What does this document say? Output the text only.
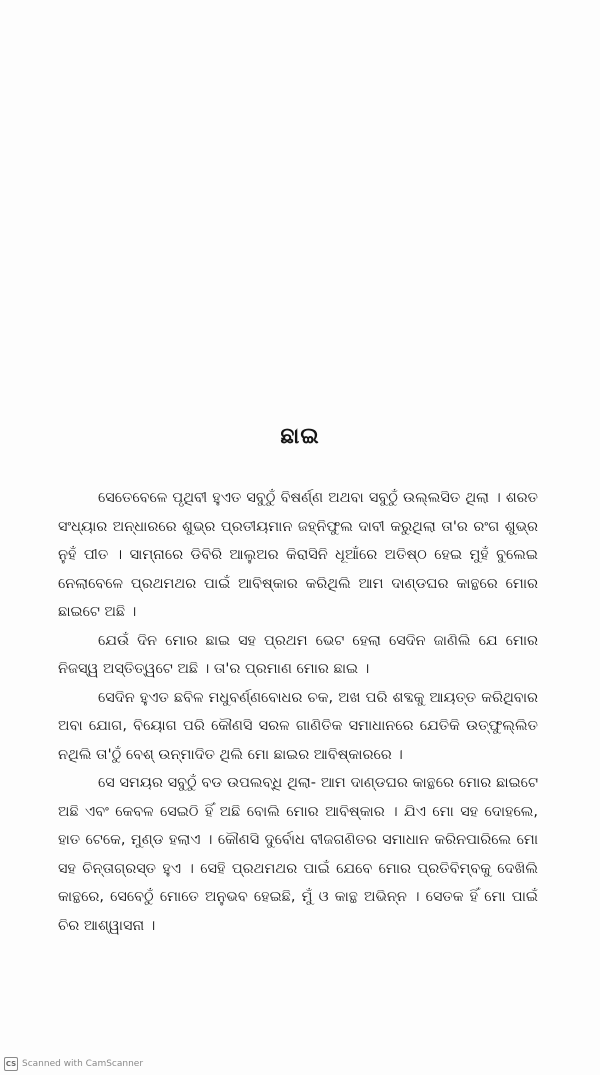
ଛାଇ

ସେତେବେଳେ ପୃଥିବୀ ହୁଏତ ସବୁଠୁଁ ବିଷର୍ଣ୍ଣ ଅଥବା ସବୁଠୁଁ ଉଲ୍ଲସିତ ଥିଲା । ଶରତ ସଂଧ୍ୟାର ଅନ୍ଧାରରେ ଶୁଭ୍ର ପ୍ରତୀୟମାନ ଜହ୍ନିଫୁଲ ଦାବୀ କରୁଥିଲା ତା'ର ରଂଗ ଶୁଭ୍ର ନୁହଁ ପୀତ । ସାମ୍ନାରେ ଡିବିରି ଆଲୁଅର କିରାସିନି ଧୂଆଁରେ ଅତିଷ୍ଠ ହେଇ ମୁହଁ ବୁଲେଇ ନେଲାବେଳେ ପ୍ରଥମଥର ପାଇଁ ଆବିଷ୍କାର କରିଥିଲି ଆମ ଦାଣ୍ଡଘର କାନ୍ଥରେ ମୋର ଛାଇଟେ ଅଛି ।

ଯେଉଁ ଦିନ ମୋର ଛାଇ ସହ ପ୍ରଥମ ଭେଟ ହେଲା ସେଦିନ ଜାଣିଲି ଯେ ମୋର ନିଜସ୍ୱ ଅସ୍ତିତ୍ୱଟେ ଅଛି । ତା'ର ପ୍ରମାଣ ମୋର ଛାଇ ।

ସେଦିନ ହୁଏତ ଛବିଳ ମଧୁବର୍ଣ୍ଣବୋଧର ଚକ, ଅଖ ପରି ଶବ୍ଦକୁ ଆୟତ୍ତ କରିଥିବାର ଅବା ଯୋଗ, ବିୟୋଗ ପରି କୌଣସି ସରଳ ଗାଣିତିକ ସମାଧାନରେ ଯେତିକି ଉତ୍ଫୁଲ୍ଲିତ ନଥିଲି ତା'ଠୁଁ ବେଶ୍ ଉନ୍ମାଦିତ ଥିଲି ମୋ ଛାଇର ଆବିଷ୍କାରରେ ।

ସେ ସମୟର ସବୁଠୁଁ ବଡ ଉପଲବ୍ଧି ଥିଲା- ଆମ ଦାଣ୍ଡଘର କାନ୍ଥରେ ମୋର ଛାଇଟେ ଅଛି ଏବଂ କେବଳ ସେଇଠି ହିଁ ଅଛି ବୋଲି ମୋର ଆବିଷ୍କାର । ଯିଏ ମୋ ସହ ଦୋହଲେ, ହାତ ଟେକେ, ମୁଣ୍ଡ ହଲାଏ । କୌଣସି ଦୁର୍ବୋଧ ବୀଜଗଣିତର ସମାଧାନ କରିନପାରିଲେ ମୋ ସହ ଚିନ୍ତାଗ୍ରସ୍ତ ହୁଏ । ସେହି ପ୍ରଥମଥର ପାଇଁ ଯେବେ ମୋର ପ୍ରତିବିମ୍ବକୁ ଦେଖିଲି କାନ୍ଥରେ, ସେବେଠୁଁ ମୋତେ ଅନୁଭବ ହେଇଛି, ମୁଁ ଓ କାନ୍ଥ ଅଭିନ୍ନ । ସେତକ ହିଁ ମୋ ପାଇଁ ଚିର ଆଶ୍ୱାସନା ।

CS Scanned with CamScanner
